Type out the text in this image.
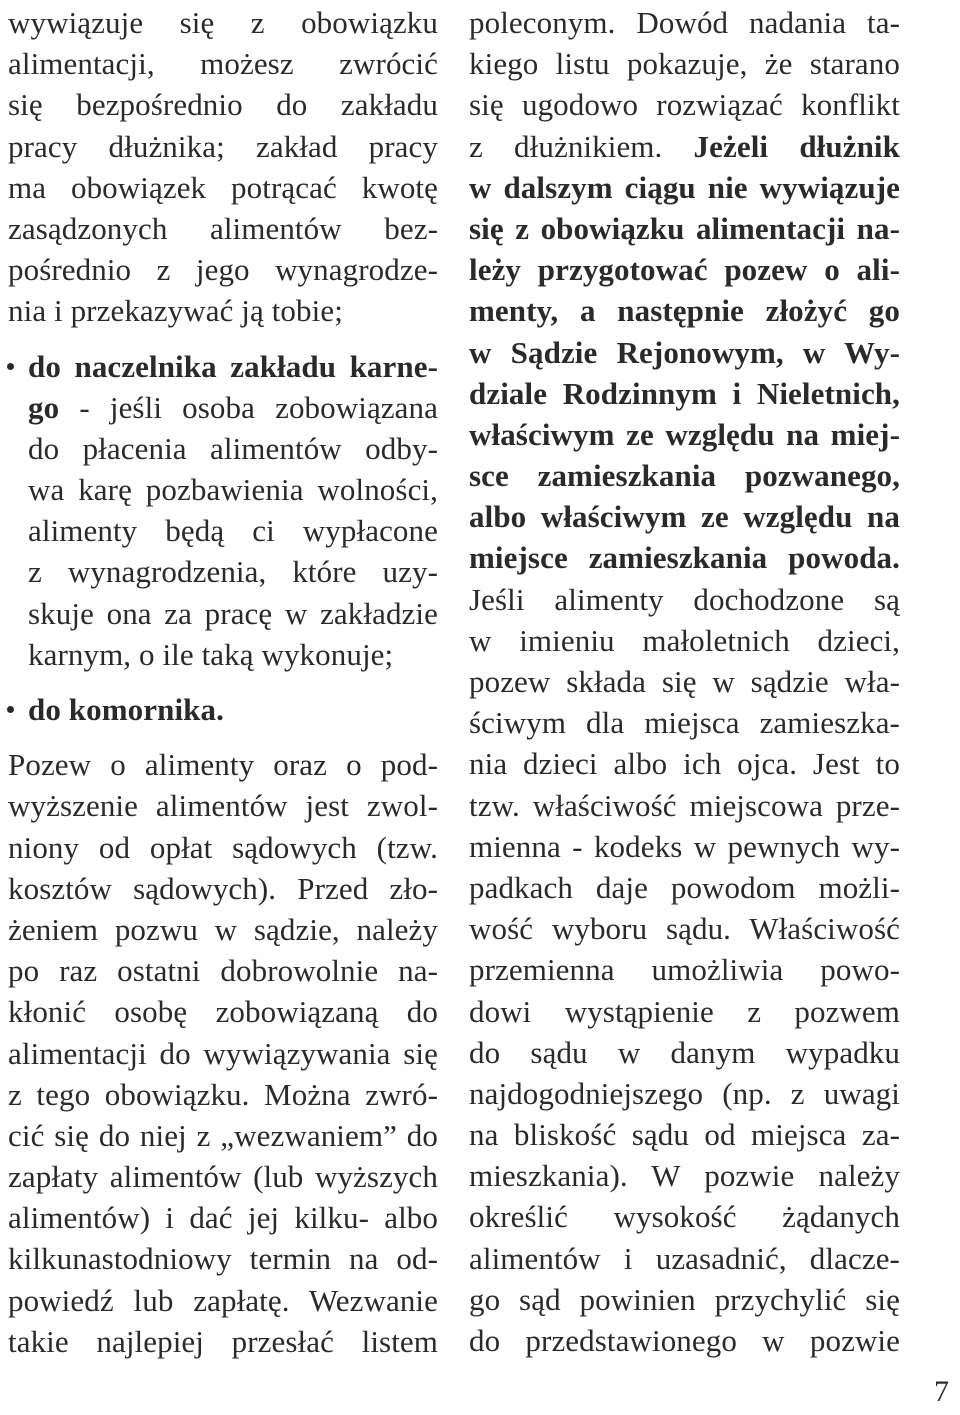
wywiązuje się z obowiązku
alimentacji, możesz zwrócić
się bezpośrednio do zakładu
pracy dłużnika; zakład pracy
ma obowiązek potrącać kwotę
zasądzonych alimentów bez-
pośrednio z jego wynagrodze-
nia i przekazywać ją tobie;
do naczelnika zakładu karne-
go - jeśli osoba zobowiązana
do płacenia alimentów odby-
wa karę pozbawienia wolności,
alimenty będą ci wypłacone
z wynagrodzenia, które uzy-
skuje ona za pracę w zakładzie
karnym, o ile taką wykonuje;
do komornika.
Pozew o alimenty oraz o pod-
wyższenie alimentów jest zwol-
niony od opłat sądowych (tzw.
kosztów sądowych). Przed zło-
żeniem pozwu w sądzie, należy
po raz ostatni dobrowolnie na-
kłonić osobę zobowiązaną do
alimentacji do wywiązywania się
z tego obowiązku. Można zwró-
cić się do niej z „wezwaniem” do
zapłaty alimentów (lub wyższych
alimentów) i dać jej kilku- albo
kilkunastodniowy termin na od-
powiedź lub zapłatę. Wezwanie
takie najlepiej przesłać listem
poleconym. Dowód nadania ta-
kiego listu pokazuje, że starano
się ugodowo rozwiązać konflikt
z dłużnikiem. Jeżeli dłużnik
w dalszym ciągu nie wywiązuje
się z obowiązku alimentacji na-
leży przygotować pozew o ali-
menty, a następnie złożyć go
w Sądzie Rejonowym, w Wy-
dziale Rodzinnym i Nieletnich,
właściwym ze względu na miej-
sce zamieszkania pozwanego,
albo właściwym ze względu na
miejsce zamieszkania powoda.
Jeśli alimenty dochodzone są
w imieniu małoletnich dzieci,
pozew składa się w sądzie wła-
ściwym dla miejsca zamieszka-
nia dzieci albo ich ojca. Jest to
tzw. właściwość miejscowa prze-
mienna - kodeks w pewnych wy-
padkach daje powodom możli-
wość wyboru sądu. Właściwość
przemienna umożliwia powo-
dowi wystąpienie z pozwem
do sądu w danym wypadku
najdogodniejszego (np. z uwagi
na bliskość sądu od miejsca za-
mieszkania). W pozwie należy
określić wysokość żądanych
alimentów i uzasadnić, dlacze-
go sąd powinien przychylić się
do przedstawionego w pozwie
7
